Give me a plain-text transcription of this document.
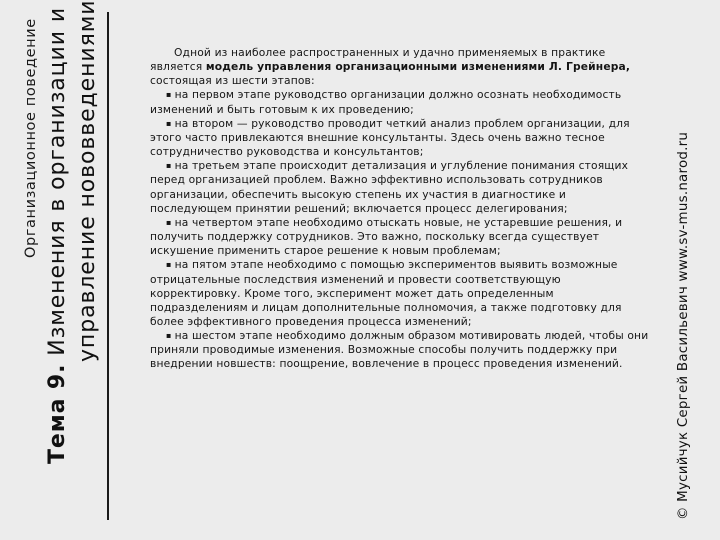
Организационное поведение
Тема 9. Изменения в организации и управление нововведениями	Одной из наиболее распространенных и удачно применяемых в практике является модель управления организационными изменениями Л. Грейнера, состоящая из шести этапов:

▪ на первом этапе руководство организации должно осознать необходимость изменений и быть готовым к их проведению;

▪ на втором — руководство проводит четкий анализ проблем организации, для этого часто привлекаются внешние консультанты. Здесь очень важно тесное сотрудничество руководства и консультантов;

▪ на третьем этапе происходит детализация и углубление понимания стоящих перед организацией проблем. Важно эффективно использовать сотрудников организации, обеспечить высокую степень их участия в диагностике и последующем принятии решений; включается процесс делегирования;

▪ на четвертом этапе необходимо отыскать новые, не устаревшие решения, и получить поддержку сотрудников. Это важно, поскольку всегда существует искушение применить старое решение к новым проблемам;

▪ на пятом этапе необходимо с помощью экспериментов выявить возможные отрицательные последствия изменений и провести соответствующую корректировку. Кроме того, эксперимент может дать определенным подразделениям и лицам дополнительные полномочия, а также подготовку для более эффективного проведения процесса изменений;

▪ на шестом этапе необходимо должным образом мотивировать людей, чтобы они приняли проводимые изменения. Возможные способы получить поддержку при внедрении новшеств: поощрение, вовлечение в процесс проведения изменений.	© Мусийчук Сергей Васильевич www.sv-mus.narod.ru
